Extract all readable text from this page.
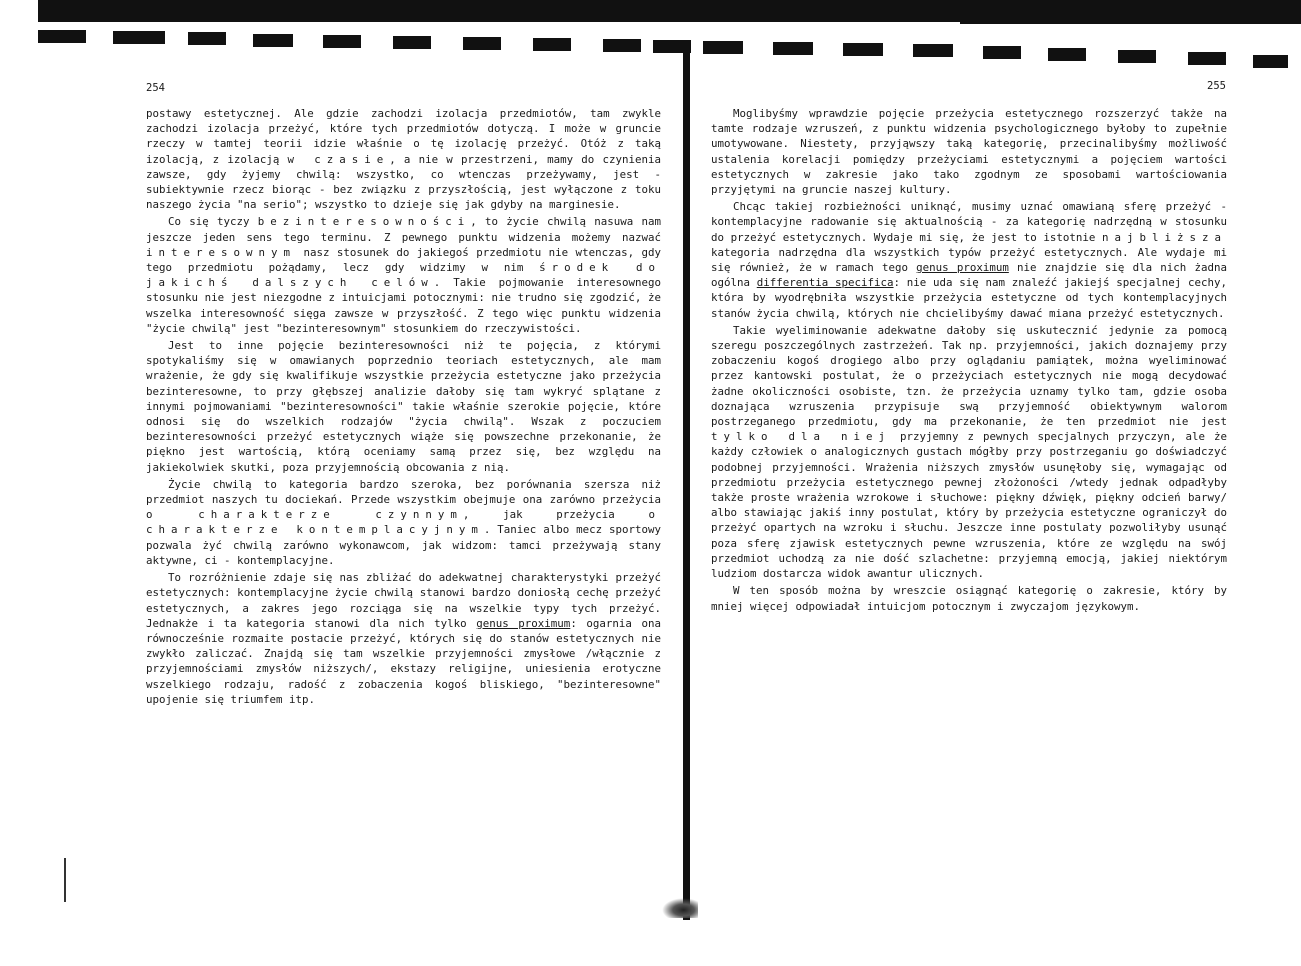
254	255

postawy estetycznej. Ale gdzie zachodzi izolacja przedmiotów, tam zwykle zachodzi izolacja przeżyć, które tych przedmiotów dotyczą. I może w gruncie rzeczy w tamtej teorii idzie właśnie o tę izolację przeżyć. Otóż z taką izolacją, z izolacją w czasie, a nie w przestrzeni, mamy do czynienia zawsze, gdy żyjemy chwilą: wszystko, co wtenczas przeżywamy, jest - subiektywnie rzecz biorąc - bez związku z przyszłością, jest wyłączone z toku naszego życia "na serio"; wszystko to dzieje się jak gdyby na marginesie.

Co się tyczy bezinteresowności, to życie chwilą nasuwa nam jeszcze jeden sens tego terminu. Z pewnego punktu widzenia możemy nazwać interesownym nasz stosunek do jakiegoś przedmiotu nie wtenczas, gdy tego przedmiotu pożądamy, lecz gdy widzimy w nim środek do jakichś dalszych celów. Takie pojmowanie interesownego stosunku nie jest niezgodne z intuicjami potocznymi: nie trudno się zgodzić, że wszelka interesowność sięga zawsze w przyszłość. Z tego więc punktu widzenia "życie chwilą" jest "bezinteresownym" stosunkiem do rzeczywistości.

Jest to inne pojęcie bezinteresowności niż te pojęcia, z którymi spotykaliśmy się w omawianych poprzednio teoriach estetycznych, ale mam wrażenie, że gdy się kwalifikuje wszystkie przeżycia estetyczne jako przeżycia bezinteresowne, to przy głębszej analizie dałoby się tam wykryć splątane z innymi pojmowaniami "bezinteresowności" takie właśnie szerokie pojęcie, które odnosi się do wszelkich rodzajów "życia chwilą". Wszak z poczuciem bezinteresowności przeżyć estetycznych wiąże się powszechne przekonanie, że piękno jest wartością, którą oceniamy samą przez się, bez względu na jakiekolwiek skutki, poza przyjemnością obcowania z nią.

Życie chwilą to kategoria bardzo szeroka, bez porównania szersza niż przedmiot naszych tu dociekań. Przede wszystkim obejmuje ona zarówno przeżycia o charakterze czynnym, jak przeżycia o charakterze kontemplacyjnym. Taniec albo mecz sportowy pozwala żyć chwilą zarówno wykonawcom, jak widzom: tamci przeżywają stany aktywne, ci - kontemplacyjne.

To rozróżnienie zdaje się nas zbliżać do adekwatnej charakterystyki przeżyć estetycznych: kontemplacyjne życie chwilą stanowi bardzo doniosłą cechę przeżyć estetycznych, a zakres jego rozciąga się na wszelkie typy tych przeżyć. Jednakże i ta kategoria stanowi dla nich tylko genus proximum: ogarnia ona równocześnie rozmaite postacie przeżyć, których się do stanów estetycznych nie zwykło zaliczać. Znajdą się tam wszelkie przyjemności zmysłowe /włącznie z przyjemnościami zmysłów niższych/, ekstazy religijne, uniesienia erotyczne wszelkiego rodzaju, radość z zobaczenia kogoś bliskiego, "bezinteresowne" upojenie się triumfem itp.

Moglibyśmy wprawdzie pojęcie przeżycia estetycznego rozszerzyć także na tamte rodzaje wzruszeń, z punktu widzenia psychologicznego byłoby to zupełnie umotywowane. Niestety, przyjąwszy taką kategorię, przecinalibyśmy możliwość ustalenia korelacji pomiędzy przeżyciami estetycznymi a pojęciem wartości estetycznych w zakresie jako tako zgodnym ze sposobami wartościowania przyjętymi na gruncie naszej kultury.

Chcąc takiej rozbieżności uniknąć, musimy uznać omawianą sferę przeżyć - kontemplacyjne radowanie się aktualnością - za kategorię nadrzędną w stosunku do przeżyć estetycznych. Wydaje mi się, że jest to istotnie najbliższa kategoria nadrzędna dla wszystkich typów przeżyć estetycznych. Ale wydaje mi się również, że w ramach tego genus proximum nie znajdzie się dla nich żadna ogólna differentia specifica: nie uda się nam znaleźć jakiejś specjalnej cechy, która by wyodrębniła wszystkie przeżycia estetyczne od tych kontemplacyjnych stanów życia chwilą, których nie chcielibyśmy dawać miana przeżyć estetycznych.

Takie wyeliminowanie adekwatne dałoby się uskutecznić jedynie za pomocą szeregu poszczególnych zastrzeżeń. Tak np. przyjemności, jakich doznajemy przy zobaczeniu kogoś drogiego albo przy oglądaniu pamiątek, można wyeliminować przez kantowski postulat, że o przeżyciach estetycznych nie mogą decydować żadne okoliczności osobiste, tzn. że przeżycia uznamy tylko tam, gdzie osoba doznająca wzruszenia przypisuje swą przyjemność obiektywnym walorom postrzeganego przedmiotu, gdy ma przekonanie, że ten przedmiot nie jest tylko dla niej przyjemny z pewnych specjalnych przyczyn, ale że każdy człowiek o analogicznych gustach mógłby przy postrzeganiu go doświadczyć podobnej przyjemności. Wrażenia niższych zmysłów usunęłoby się, wymagając od przedmiotu przeżycia estetycznego pewnej złożoności /wtedy jednak odpadłyby także proste wrażenia wzrokowe i słuchowe: piękny dźwięk, piękny odcień barwy/ albo stawiając jakiś inny postulat, który by przeżycia estetyczne ograniczył do przeżyć opartych na wzroku i słuchu. Jeszcze inne postulaty pozwoliłyby usunąć poza sferę zjawisk estetycznych pewne wzruszenia, które ze względu na swój przedmiot uchodzą za nie dość szlachetne: przyjemną emocją, jakiej niektórym ludziom dostarcza widok awantur ulicznych.

W ten sposób można by wreszcie osiągnąć kategorię o zakresie, który by mniej więcej odpowiadał intuicjom potocznym i zwyczajom językowym.
